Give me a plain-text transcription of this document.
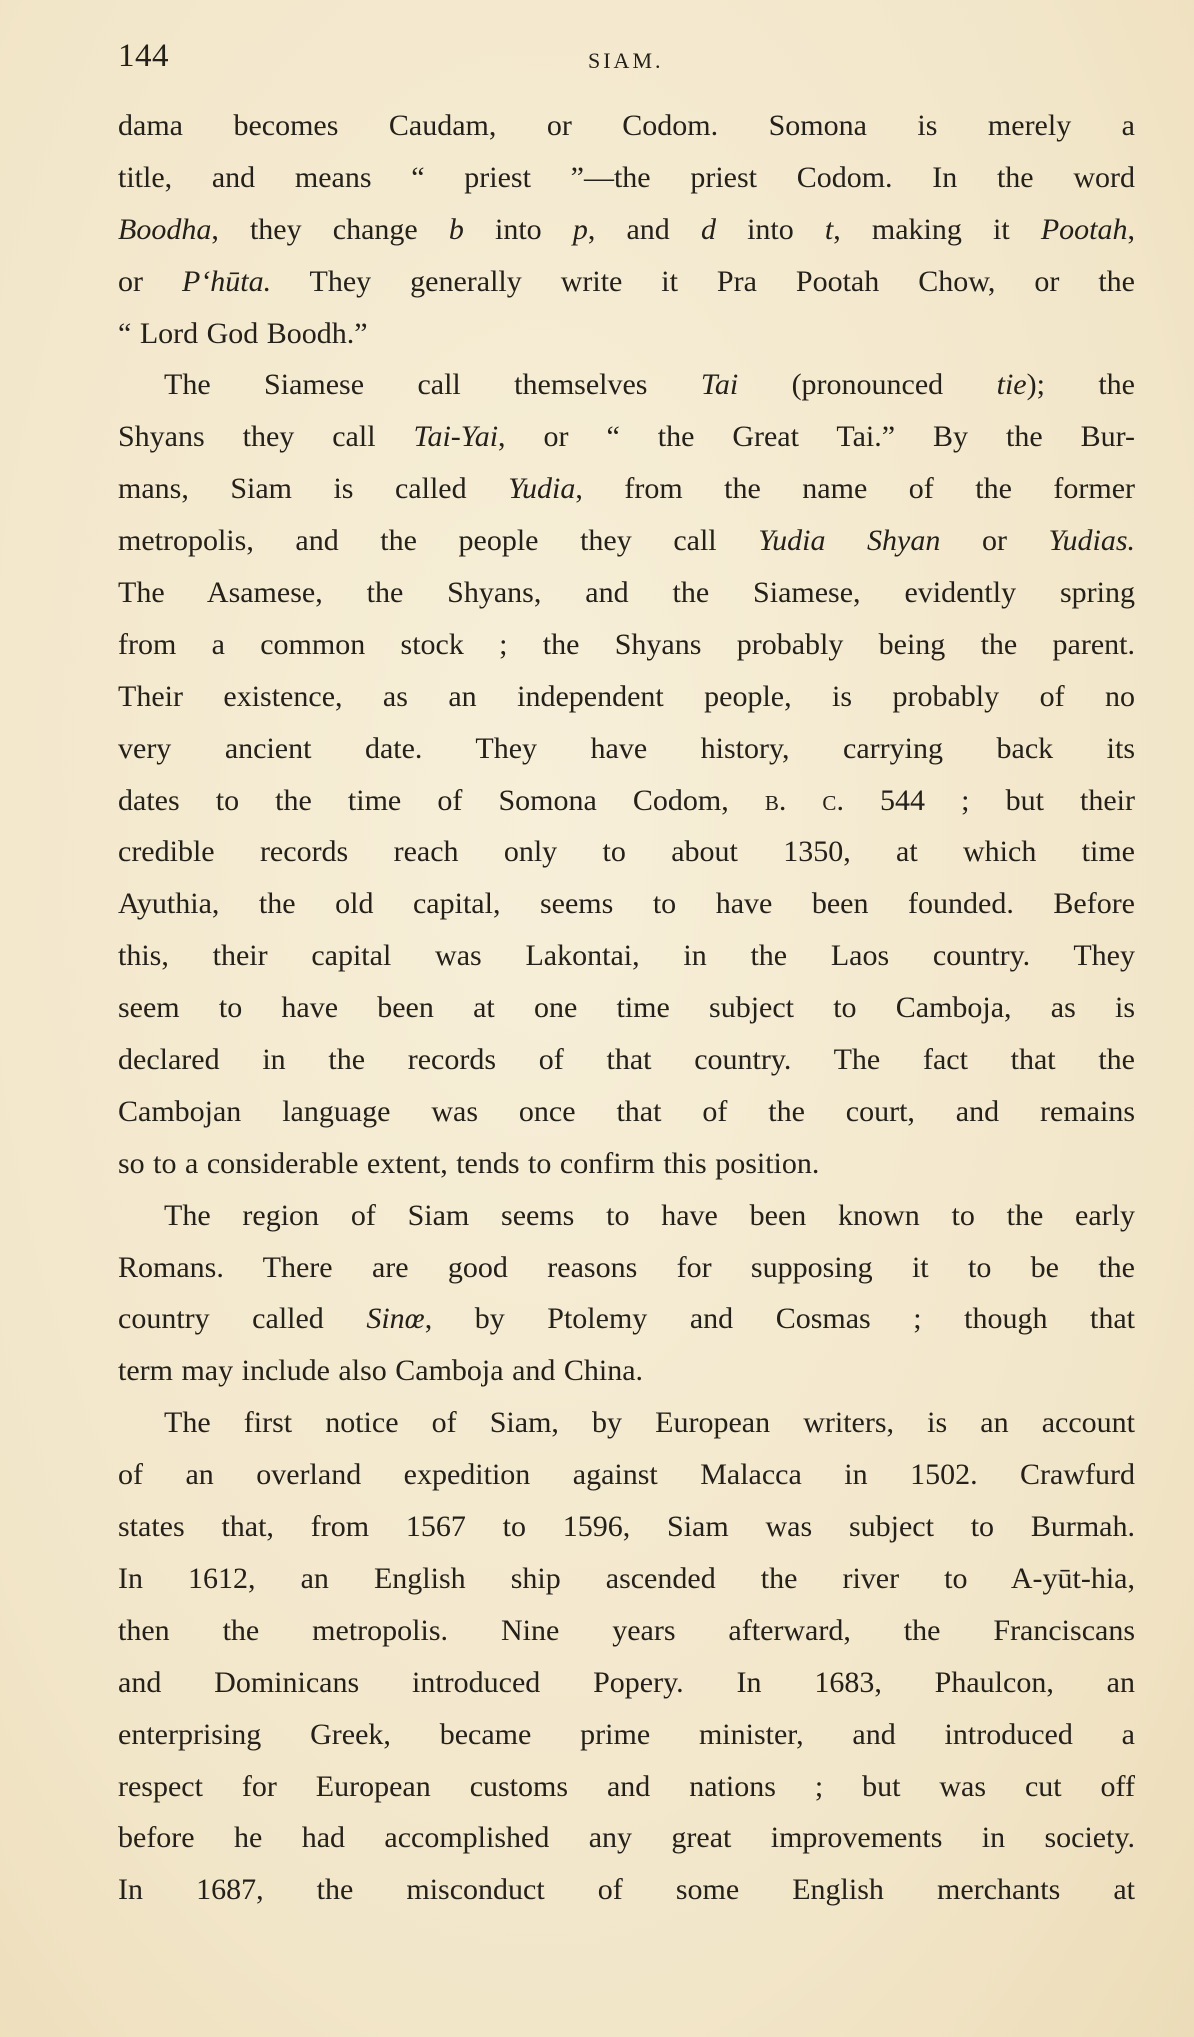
144	SIAM.
dama becomes Caudam, or Codom. Somona is merely a
title, and means “ priest ”—the priest Codom. In the word
Boodha, they change b into p, and d into t, making it Pootah,
or P‘hūta. They generally write it Pra Pootah Chow, or the
“ Lord God Boodh.”
The Siamese call themselves Tai (pronounced tie); the
Shyans they call Tai-Yai, or “ the Great Tai.” By the Bur-
mans, Siam is called Yudia, from the name of the former
metropolis, and the people they call Yudia Shyan or Yudias.
The Asamese, the Shyans, and the Siamese, evidently spring
from a common stock ; the Shyans probably being the parent.
Their existence, as an independent people, is probably of no
very ancient date. They have history, carrying back its
dates to the time of Somona Codom, b. c. 544 ; but their
credible records reach only to about 1350, at which time
Ayuthia, the old capital, seems to have been founded. Before
this, their capital was Lakontai, in the Laos country. They
seem to have been at one time subject to Camboja, as is
declared in the records of that country. The fact that the
Cambojan language was once that of the court, and remains
so to a considerable extent, tends to confirm this position.
The region of Siam seems to have been known to the early
Romans. There are good reasons for supposing it to be the
country called Sinœ, by Ptolemy and Cosmas ; though that
term may include also Camboja and China.
The first notice of Siam, by European writers, is an account
of an overland expedition against Malacca in 1502. Crawfurd
states that, from 1567 to 1596, Siam was subject to Burmah.
In 1612, an English ship ascended the river to A-yūt-hia,
then the metropolis. Nine years afterward, the Franciscans
and Dominicans introduced Popery. In 1683, Phaulcon, an
enterprising Greek, became prime minister, and introduced a
respect for European customs and nations ; but was cut off
before he had accomplished any great improvements in society.
In 1687, the misconduct of some English merchants at
